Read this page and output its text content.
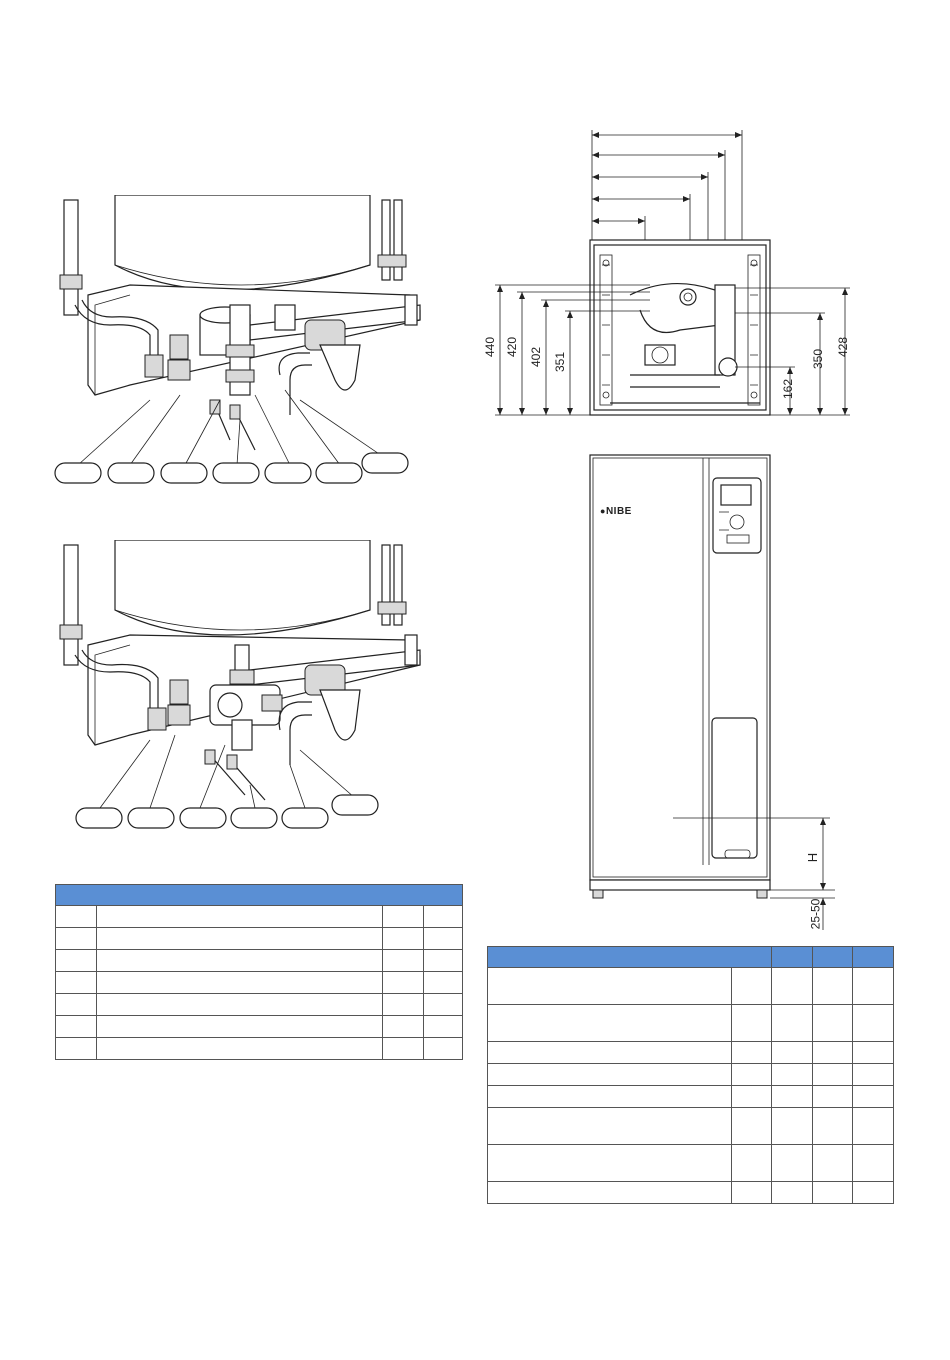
440 420 402 351
162
350
428
●NIBE
H
25-50
